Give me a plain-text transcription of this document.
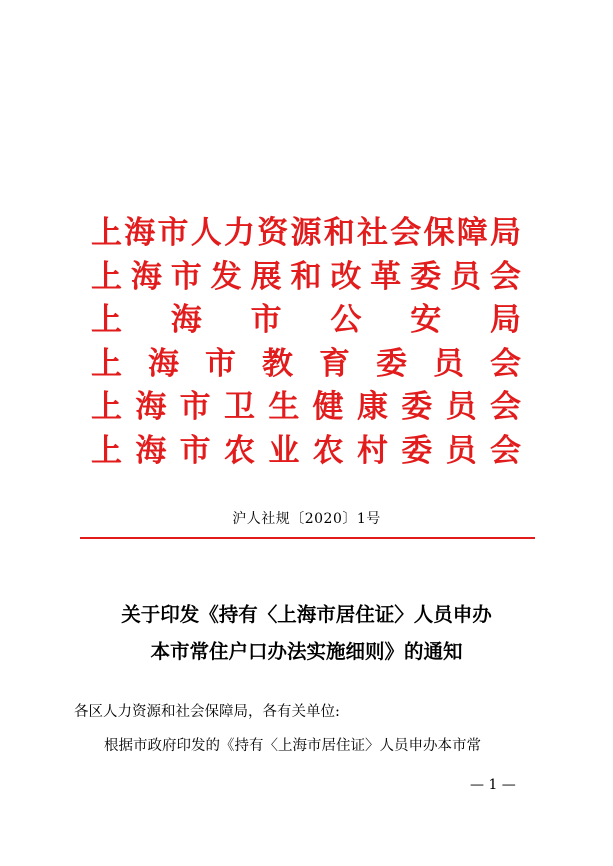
上 海 市 人 力 资 源 和 社 会 保 障 局
上 海 市 发 展 和 改 革 委 员 会
上 海 市 公 安 局
上 海 市 教 育 委 员 会
上 海 市 卫 生 健 康 委 员 会
上 海 市 农 业 农 村 委 员 会
沪人社规〔2020〕1号
关于印发《持有〈上海市居住证〉人员申办
本市常住户口办法实施细则》的通知
各区人力资源和社会保障局，各有关单位:
根据市政府印发的《持有〈上海市居住证〉人员申办本市常
— 1 —
